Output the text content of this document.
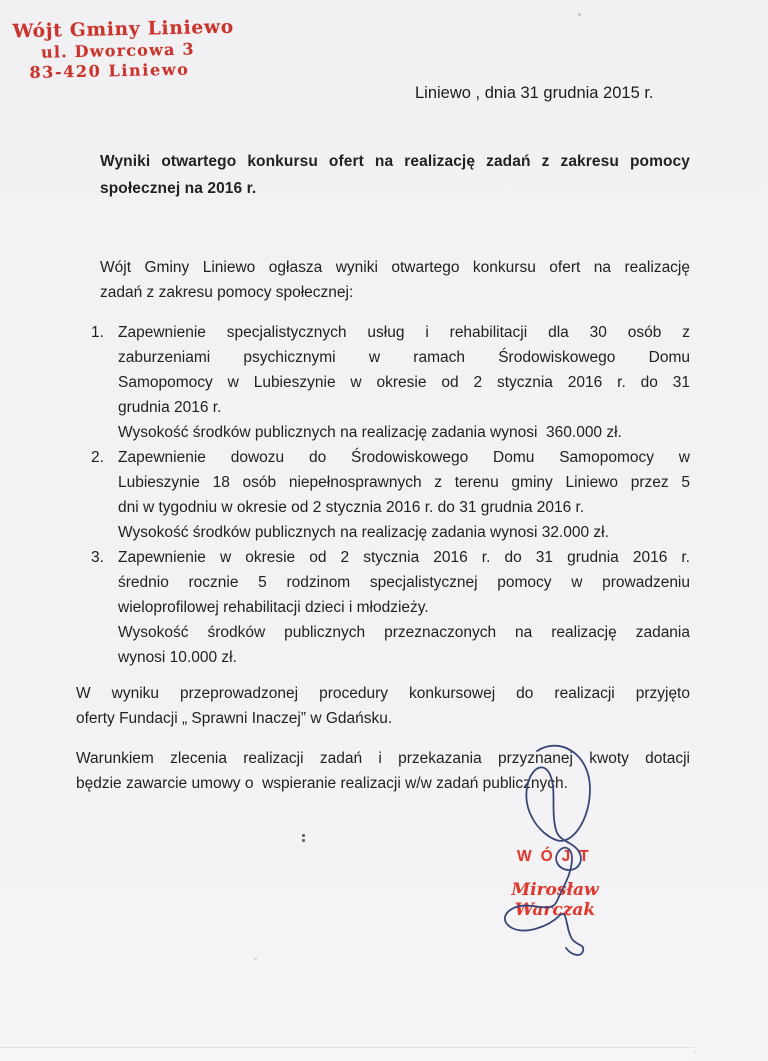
Wójt Gminy Liniewo
ul. Dworcowa 3
83-420 Liniewo
Liniewo , dnia 31 grudnia 2015 r.
Wyniki otwartego konkursu ofert na realizację zadań z zakresu pomocy
społecznej na 2016 r.
Wójt Gminy Liniewo ogłasza wyniki otwartego konkursu ofert na realizację
zadań z zakresu pomocy społecznej:
1. Zapewnienie specjalistycznych usług i rehabilitacji dla 30 osób z
zaburzeniami psychicznymi w ramach Środowiskowego Domu
Samopomocy w Lubieszynie w okresie od 2 stycznia 2016 r. do 31
grudnia 2016 r.
Wysokość środków publicznych na realizację zadania wynosi  360.000 zł.
2. Zapewnienie dowozu do Środowiskowego Domu Samopomocy w
Lubieszynie 18 osób niepełnosprawnych z terenu gminy Liniewo przez 5
dni w tygodniu w okresie od 2 stycznia 2016 r. do 31 grudnia 2016 r.
Wysokość środków publicznych na realizację zadania wynosi 32.000 zł.
3. Zapewnienie w okresie od 2 stycznia 2016 r. do 31 grudnia 2016 r.
średnio rocznie 5 rodzinom specjalistycznej pomocy w prowadzeniu
wieloprofilowej rehabilitacji dzieci i młodzieży.
Wysokość środków publicznych przeznaczonych na realizację zadania
wynosi 10.000 zł.
W wyniku przeprowadzonej procedury konkursowej do realizacji przyjęto
oferty Fundacji „ Sprawni Inaczej” w Gdańsku.
Warunkiem zlecenia realizacji zadań i przekazania przyznanej kwoty dotacji
będzie zawarcie umowy o  wspieranie realizacji w/w zadań publicznych.
WÓJT
Mirosław Warczak
